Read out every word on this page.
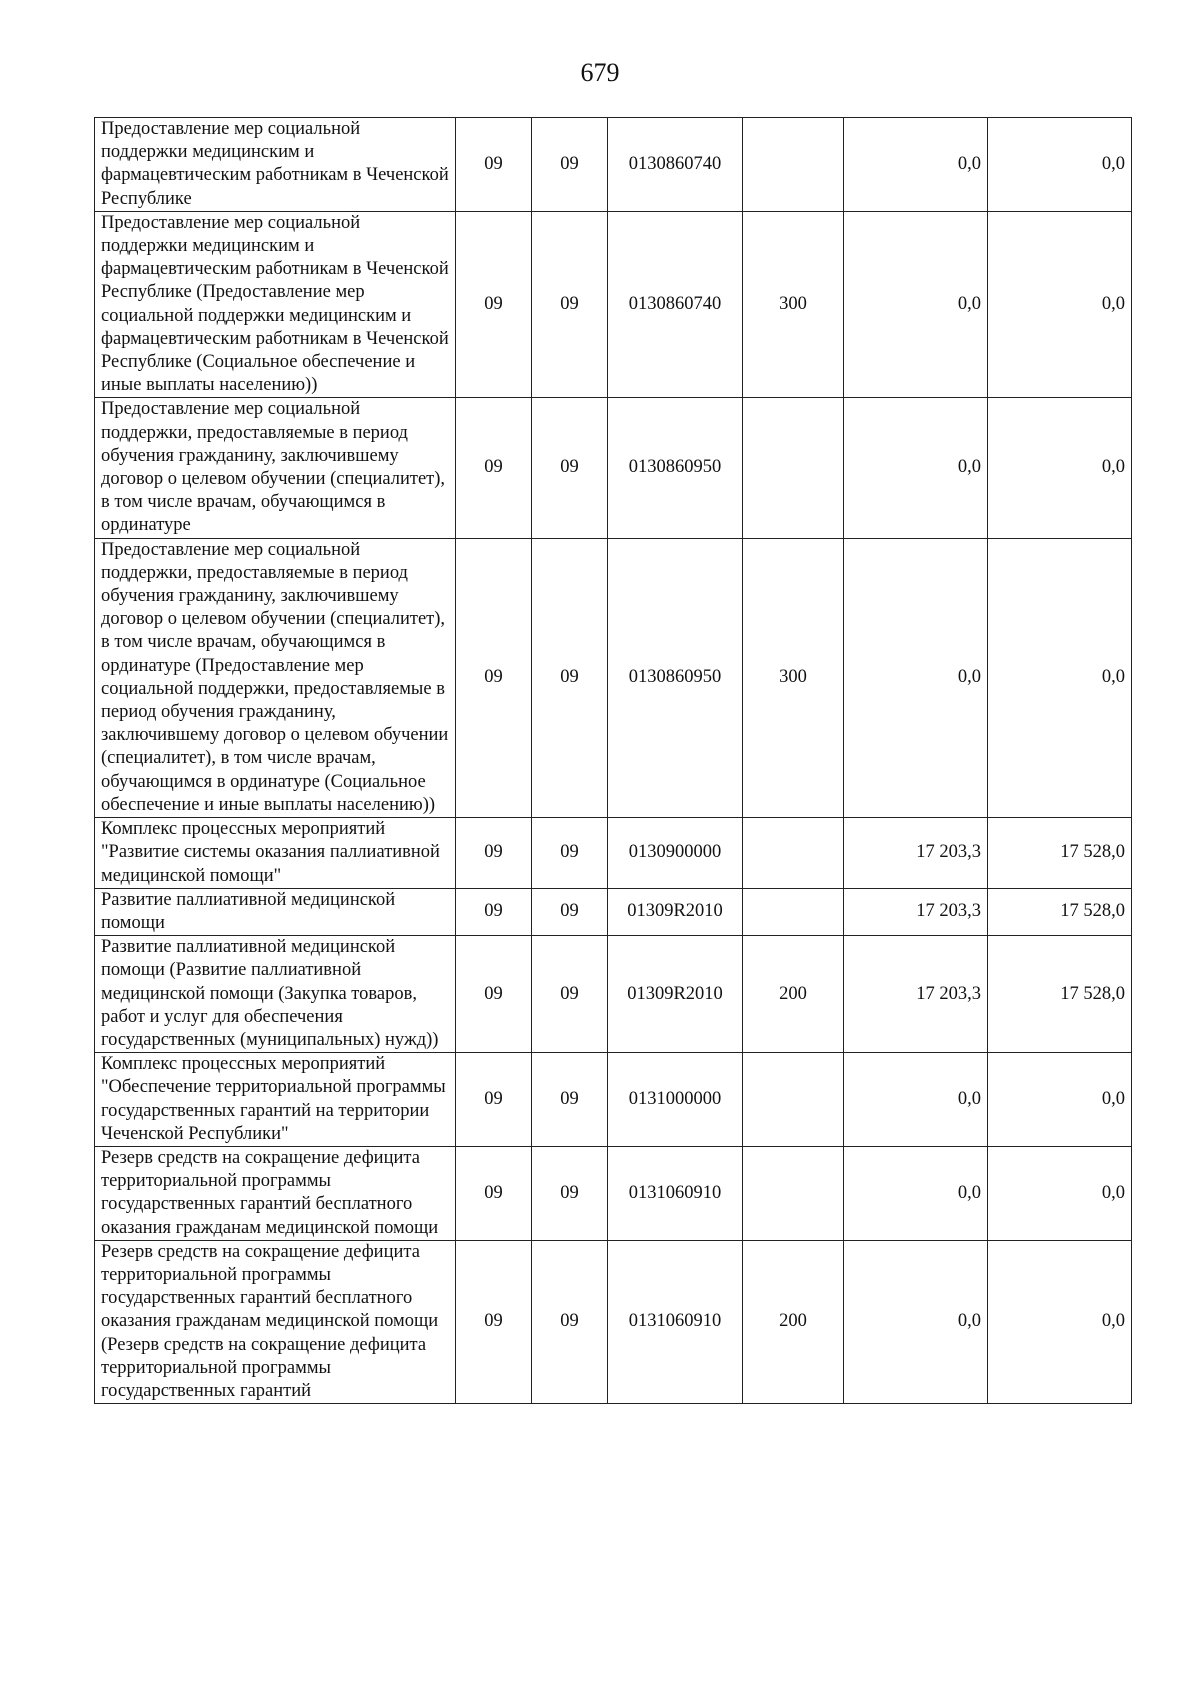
679
Предоставление мер социальной поддержки медицинским и фармацевтическим работникам в Чеченской Республике	09	09	0130860740		0,0	0,0
Предоставление мер социальной поддержки медицинским и фармацевтическим работникам в Чеченской Республике (Предоставление мер социальной поддержки медицинским и фармацевтическим работникам в Чеченской Республике (Социальное обеспечение и иные выплаты населению))	09	09	0130860740	300	0,0	0,0
Предоставление мер социальной поддержки, предоставляемые в период обучения гражданину, заключившему договор о целевом обучении (специалитет), в том числе врачам, обучающимся в ординатуре	09	09	0130860950		0,0	0,0
Предоставление мер социальной поддержки, предоставляемые в период обучения гражданину, заключившему договор о целевом обучении (специалитет), в том числе врачам, обучающимся в ординатуре (Предоставление мер социальной поддержки, предоставляемые в период обучения гражданину, заключившему договор о целевом обучении (специалитет), в том числе врачам, обучающимся в ординатуре (Социальное обеспечение и иные выплаты населению))	09	09	0130860950	300	0,0	0,0
Комплекс процессных мероприятий "Развитие системы оказания паллиативной медицинской помощи"	09	09	0130900000		17 203,3	17 528,0
Развитие паллиативной медицинской помощи	09	09	01309R2010		17 203,3	17 528,0
Развитие паллиативной медицинской помощи (Развитие паллиативной медицинской помощи (Закупка товаров, работ и услуг для обеспечения государственных (муниципальных) нужд))	09	09	01309R2010	200	17 203,3	17 528,0
Комплекс процессных мероприятий "Обеспечение территориальной программы государственных гарантий на территории Чеченской Республики"	09	09	0131000000		0,0	0,0
Резерв средств на сокращение дефицита территориальной программы государственных гарантий бесплатного оказания гражданам медицинской помощи	09	09	0131060910		0,0	0,0
Резерв средств на сокращение дефицита территориальной программы государственных гарантий бесплатного оказания гражданам медицинской помощи (Резерв средств на сокращение дефицита территориальной программы государственных гарантий	09	09	0131060910	200	0,0	0,0
